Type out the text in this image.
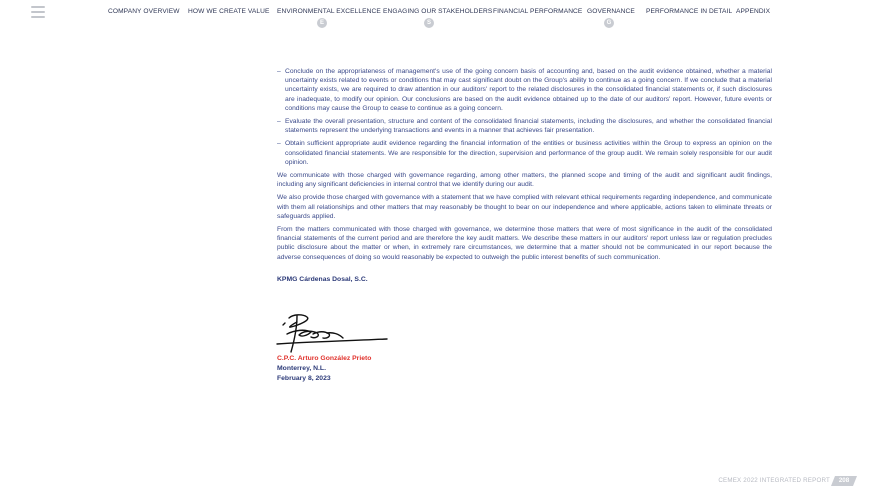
COMPANY OVERVIEW HOW WE CREATE VALUE ENVIRONMENTAL EXCELLENCE
E
ENGAGING OUR STAKEHOLDERS
S
FINANCIAL PERFORMANCE GOVERNANCE
G
PERFORMANCE IN DETAIL APPENDIX
– Conclude on the appropriateness of management's use of the going concern basis of accounting and, based on the audit evidence obtained, whether a material uncertainty exists related to events or conditions that may cast significant doubt on the Group's ability to continue as a going concern. If we conclude that a material uncertainty exists, we are required to draw attention in our auditors' report to the related disclosures in the consolidated financial statements or, if such disclosures are inadequate, to modify our opinion. Our conclusions are based on the audit evidence obtained up to the date of our auditors' report. However, future events or conditions may cause the Group to cease to continue as a going concern.
– Evaluate the overall presentation, structure and content of the consolidated financial statements, including the disclosures, and whether the consolidated financial statements represent the underlying transactions and events in a manner that achieves fair presentation.
– Obtain sufficient appropriate audit evidence regarding the financial information of the entities or business activities within the Group to express an opinion on the consolidated financial statements. We are responsible for the direction, supervision and performance of the group audit. We remain solely responsible for our audit opinion.

We communicate with those charged with governance regarding, among other matters, the planned scope and timing of the audit and significant audit findings, including any significant deficiencies in internal control that we identify during our audit.

We also provide those charged with governance with a statement that we have complied with relevant ethical requirements regarding independence, and communicate with them all relationships and other matters that may reasonably be thought to bear on our independence and where applicable, actions taken to eliminate threats or safeguards applied.

From the matters communicated with those charged with governance, we determine those matters that were of most significance in the audit of the consolidated financial statements of the current period and are therefore the key audit matters. We describe these matters in our auditors' report unless law or regulation precludes public disclosure about the matter or when, in extremely rare circumstances, we determine that a matter should not be communicated in our report because the adverse consequences of doing so would reasonably be expected to outweigh the public interest benefits of such communication.

KPMG Cárdenas Dosal, S.C.
C.P.C. Arturo González Prieto
Monterrey, N.L.
February 8, 2023
CEMEX 2022 INTEGRATED REPORT	208
